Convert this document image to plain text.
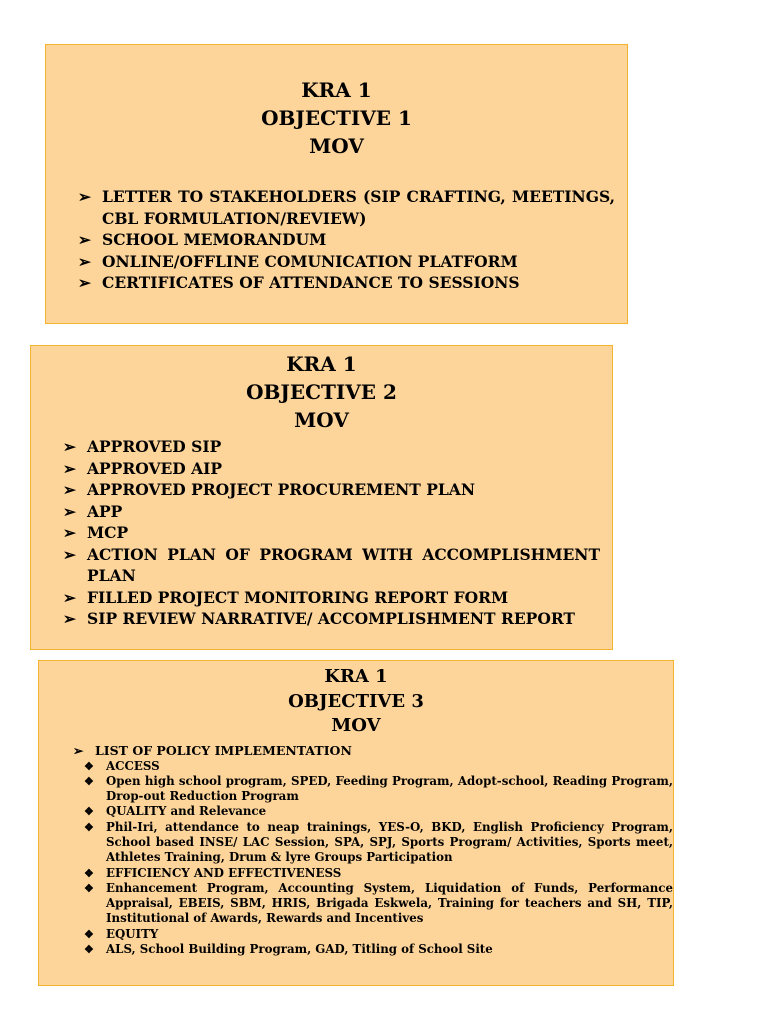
KRA 1
OBJECTIVE 1
MOV
➢ LETTER TO STAKEHOLDERS (SIP CRAFTING, MEETINGS, CBL FORMULATION/REVIEW)
➢ SCHOOL MEMORANDUM
➢ ONLINE/OFFLINE COMUNICATION PLATFORM
➢ CERTIFICATES OF ATTENDANCE TO SESSIONS
KRA 1
OBJECTIVE 2
MOV
➢ APPROVED SIP
➢ APPROVED AIP
➢ APPROVED PROJECT PROCUREMENT PLAN
➢ APP
➢ MCP
➢ ACTION PLAN OF PROGRAM WITH ACCOMPLISHMENT PLAN
➢ FILLED PROJECT MONITORING REPORT FORM
➢ SIP REVIEW NARRATIVE/ ACCOMPLISHMENT REPORT
KRA 1
OBJECTIVE 3
MOV
➢ LIST OF POLICY IMPLEMENTATION
❖ ACCESS
❖ Open high school program, SPED, Feeding Program, Adopt-school, Reading Program, Drop-out Reduction Program
❖ QUALITY and Relevance
❖ Phil-Iri, attendance to neap trainings, YES-O, BKD, English Proficiency Program, School based INSE/ LAC Session, SPA, SPJ, Sports Program/ Activities, Sports meet, Athletes Training, Drum & lyre Groups Participation
❖ EFFICIENCY AND EFFECTIVENESS
❖ Enhancement Program, Accounting System, Liquidation of Funds, Performance Appraisal, EBEIS, SBM, HRIS, Brigada Eskwela, Training for teachers and SH, TIP, Institutional of Awards, Rewards and Incentives
❖ EQUITY
❖ ALS, School Building Program, GAD, Titling of School Site
